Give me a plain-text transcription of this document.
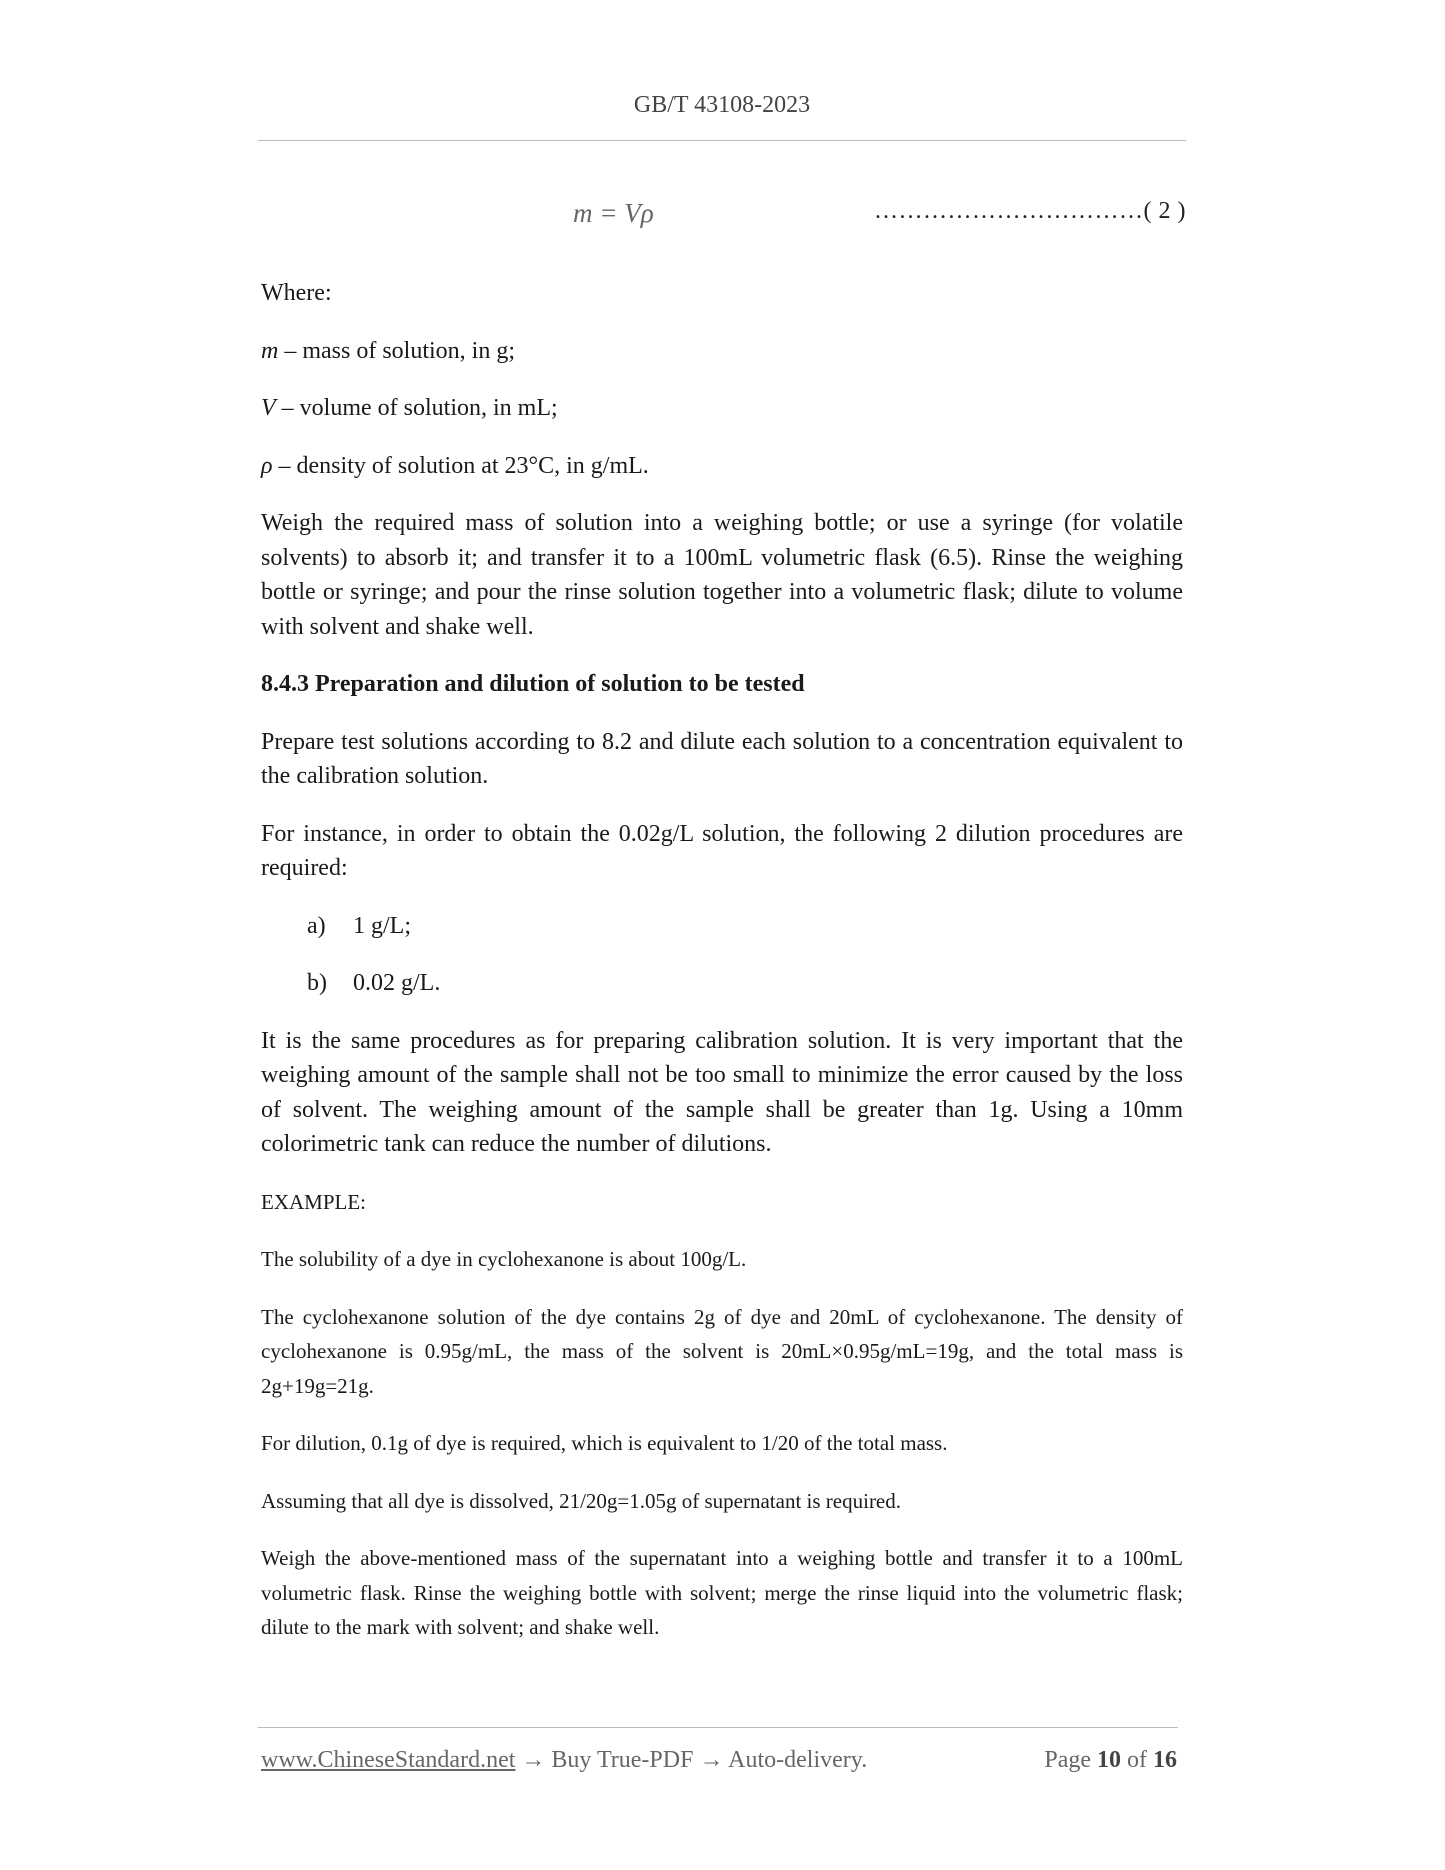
GB/T 43108-2023
m = Vρ	……………………………( 2 )

Where:

m – mass of solution, in g;

V – volume of solution, in mL;

ρ – density of solution at 23°C, in g/mL.

Weigh the required mass of solution into a weighing bottle; or use a syringe (for volatile solvents) to absorb it; and transfer it to a 100mL volumetric flask (6.5). Rinse the weighing bottle or syringe; and pour the rinse solution together into a volumetric flask; dilute to volume with solvent and shake well.

8.4.3 Preparation and dilution of solution to be tested

Prepare test solutions according to 8.2 and dilute each solution to a concentration equivalent to the calibration solution.

For instance, in order to obtain the 0.02g/L solution, the following 2 dilution procedures are required:

a) 1 g/L;

b) 0.02 g/L.

It is the same procedures as for preparing calibration solution. It is very important that the weighing amount of the sample shall not be too small to minimize the error caused by the loss of solvent. The weighing amount of the sample shall be greater than 1g. Using a 10mm colorimetric tank can reduce the number of dilutions.

EXAMPLE:

The solubility of a dye in cyclohexanone is about 100g/L.

The cyclohexanone solution of the dye contains 2g of dye and 20mL of cyclohexanone. The density of cyclohexanone is 0.95g/mL, the mass of the solvent is 20mL×0.95g/mL=19g, and the total mass is 2g+19g=21g.

For dilution, 0.1g of dye is required, which is equivalent to 1/20 of the total mass.

Assuming that all dye is dissolved, 21/20g=1.05g of supernatant is required.

Weigh the above-mentioned mass of the supernatant into a weighing bottle and transfer it to a 100mL volumetric flask. Rinse the weighing bottle with solvent; merge the rinse liquid into the volumetric flask; dilute to the mark with solvent; and shake well.

www.ChineseStandard.net → Buy True-PDF → Auto-delivery.	Page 10 of 16
